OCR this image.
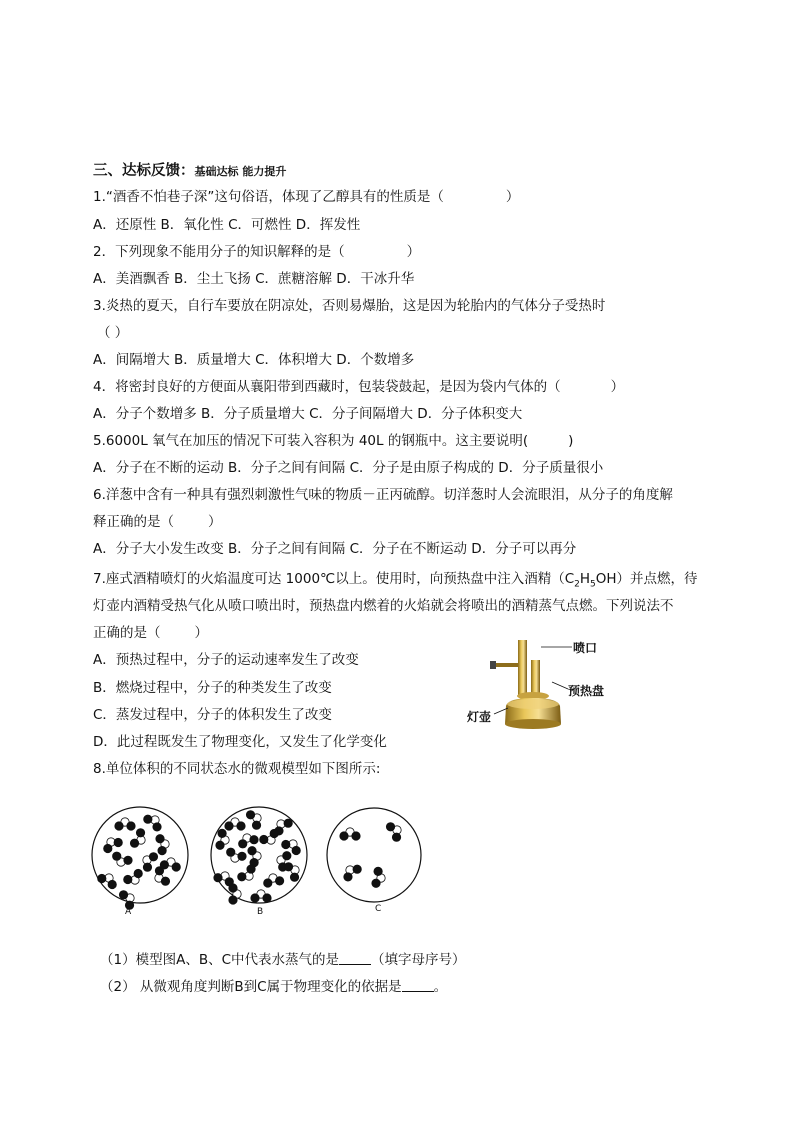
三、达标反馈：基础达标 能力提升
1.“酒香不怕巷子深”这句俗语，体现了乙醇具有的性质是（	）
A．还原性 B．氧化性 C．可燃性 D．挥发性
2．下列现象不能用分子的知识解释的是（	）
A．美酒飘香 B．尘土飞扬 C．蔗糖溶解 D．干冰升华
3.炎热的夏天，自行车要放在阴凉处，否则易爆胎，这是因为轮胎内的气体分子受热时
（ ）
A．间隔增大 B．质量增大 C．体积增大 D．个数增多
4．将密封良好的方便面从襄阳带到西藏时，包装袋鼓起，是因为袋内气体的（	）
A．分子个数增多 B．分子质量增大 C．分子间隔增大 D．分子体积变大
5.6000L 氧气在加压的情况下可装入容积为 40L 的钢瓶中。这主要说明(	)
A．分子在不断的运动 B．分子之间有间隔 C．分子是由原子构成的 D．分子质量很小
6.洋葱中含有一种具有强烈刺激性气味的物质－正丙硫醇。切洋葱时人会流眼泪，从分子的角度解
释正确的是（	）
A．分子大小发生改变 B．分子之间有间隔 C．分子在不断运动 D．分子可以再分
7.座式酒精喷灯的火焰温度可达 1000℃以上。使用时，向预热盘中注入酒精$(C_2H_5OH)$并点燃，待
灯壶内酒精受热气化从喷口喷出时，预热盘内燃着的火焰就会将喷出的酒精蒸气点燃。下列说法不
正确的是（	）
A．预热过程中，分子的运动速率发生了改变
B．燃烧过程中，分子的种类发生了改变
C．蒸发过程中，分子的体积发生了改变
D．此过程既发生了物理变化，又发生了化学变化
喷口
预热盘
灯壶
8.单位体积的不同状态水的微观模型如下图所示:
A	B	C
（1）模型图A、B、C中代表水蒸气的是 （填字母序号）
（2） 从微观角度判断B到C属于物理变化的依据是 。
